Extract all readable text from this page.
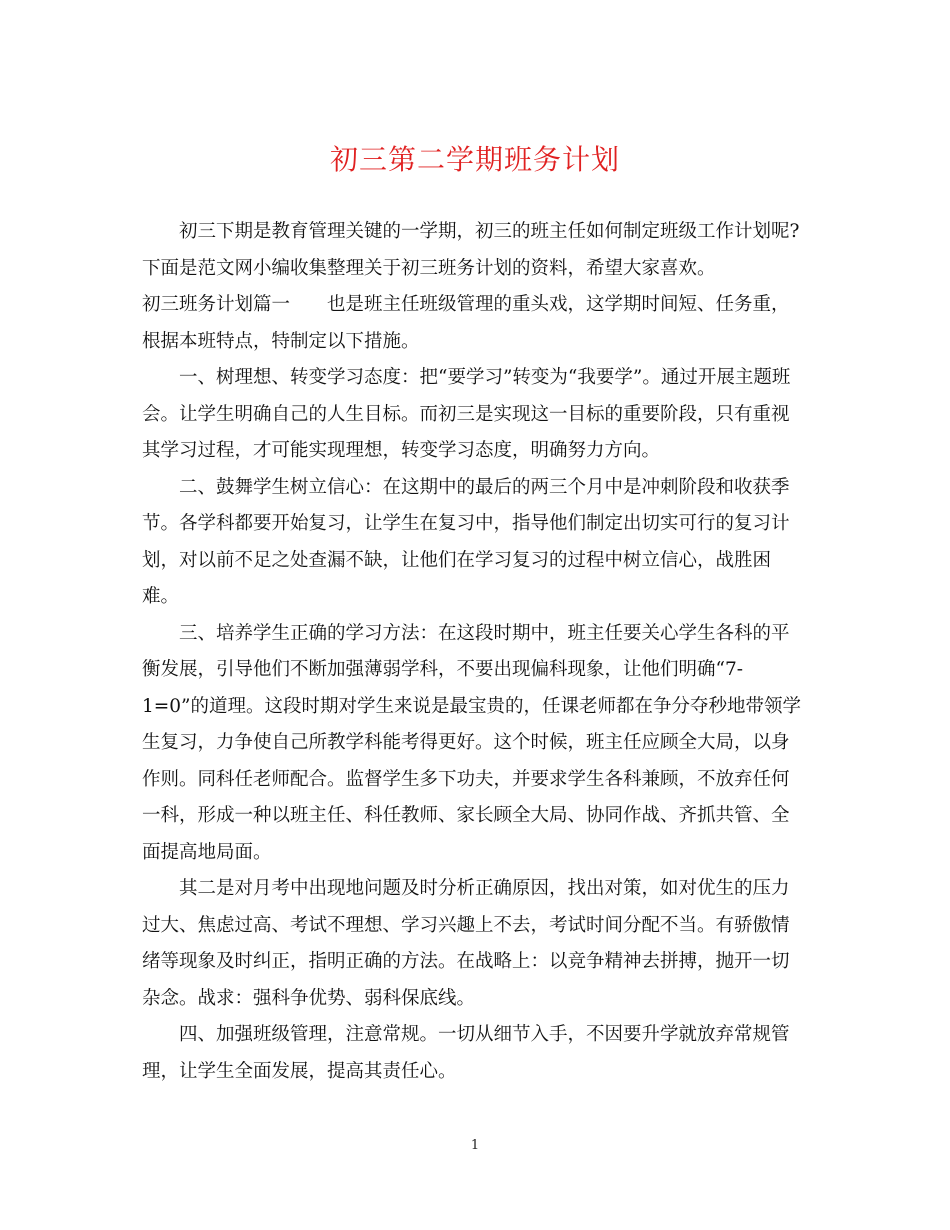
初三第二学期班务计划
初三下期是教育管理关键的一学期，初三的班主任如何制定班级工作计划呢?
下面是范文网小编收集整理关于初三班务计划的资料，希望大家喜欢。
初三班务计划篇一　　也是班主任班级管理的重头戏，这学期时间短、任务重，
根据本班特点，特制定以下措施。
一、树理想、转变学习态度：把“要学习”转变为“我要学”。通过开展主题班
会。让学生明确自己的人生目标。而初三是实现这一目标的重要阶段，只有重视
其学习过程，才可能实现理想，转变学习态度，明确努力方向。
二、鼓舞学生树立信心：在这期中的最后的两三个月中是冲刺阶段和收获季
节。各学科都要开始复习，让学生在复习中，指导他们制定出切实可行的复习计
划，对以前不足之处查漏不缺，让他们在学习复习的过程中树立信心，战胜困
难。
三、培养学生正确的学习方法：在这段时期中，班主任要关心学生各科的平
衡发展，引导他们不断加强薄弱学科，不要出现偏科现象，让他们明确“7-
1=0”的道理。这段时期对学生来说是最宝贵的，任课老师都在争分夺秒地带领学
生复习，力争使自己所教学科能考得更好。这个时候，班主任应顾全大局，以身
作则。同科任老师配合。监督学生多下功夫，并要求学生各科兼顾，不放弃任何
一科，形成一种以班主任、科任教师、家长顾全大局、协同作战、齐抓共管、全
面提高地局面。
其二是对月考中出现地问题及时分析正确原因，找出对策，如对优生的压力
过大、焦虑过高、考试不理想、学习兴趣上不去，考试时间分配不当。有骄傲情
绪等现象及时纠正，指明正确的方法。在战略上：以竞争精神去拼搏，抛开一切
杂念。战求：强科争优势、弱科保底线。
四、加强班级管理，注意常规。一切从细节入手，不因要升学就放弃常规管
理，让学生全面发展，提高其责任心。
1
